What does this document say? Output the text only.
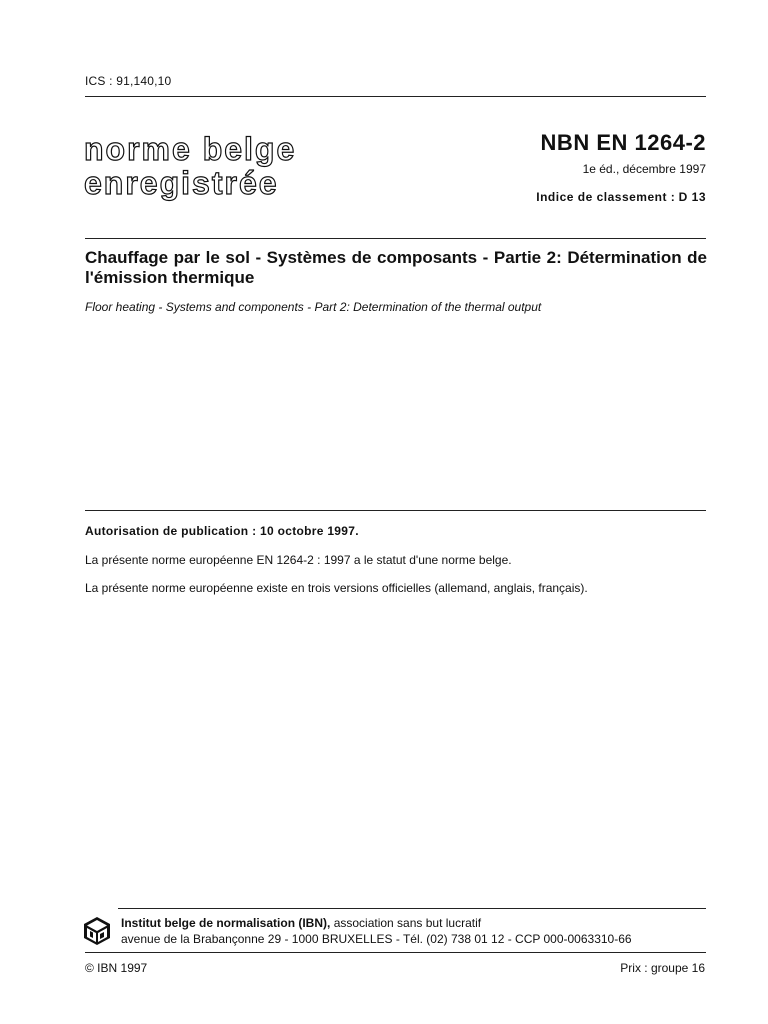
ICS : 91,140,10
norme belge
enregistrée
NBN EN 1264-2
1e éd., décembre 1997
Indice de classement : D 13
Chauffage par le sol - Systèmes de composants - Partie 2: Détermination de l'émission thermique
Floor heating - Systems and components - Part 2: Determination of the thermal output
Autorisation de publication : 10 octobre 1997.
La présente norme européenne EN 1264-2 : 1997 a le statut d'une norme belge.
La présente norme européenne existe en trois versions officielles (allemand, anglais, français).
Institut belge de normalisation (IBN), association sans but lucratif
avenue de la Brabançonne 29 - 1000 BRUXELLES - Tél. (02) 738 01 12 - CCP 000-0063310-66
© IBN 1997	Prix : groupe 16
